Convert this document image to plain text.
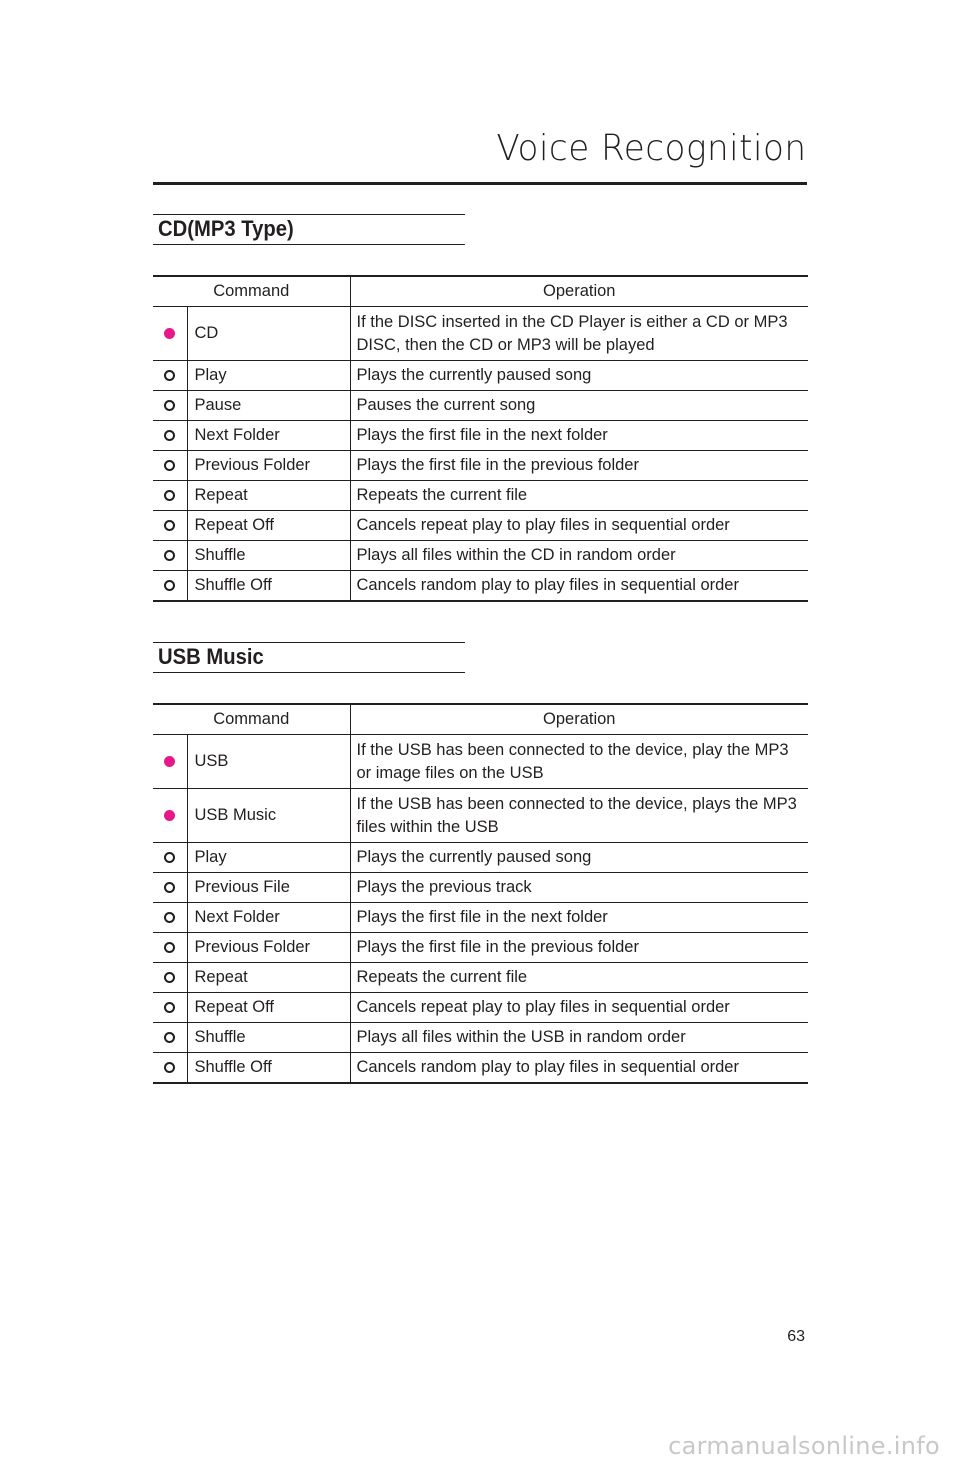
Voice Recognition
CD(MP3 Type)
Command		Operation
	CD	If the DISC inserted in the CD Player is either a CD or MP3 DISC, then the CD or MP3 will be played
	Play	Plays the currently paused song
	Pause	Pauses the current song
	Next Folder	Plays the first file in the next folder
	Previous Folder	Plays the first file in the previous folder
	Repeat	Repeats the current file
	Repeat Off	Cancels repeat play to play files in sequential order
	Shuffle	Plays all files within the CD in random order
	Shuffle Off	Cancels random play to play files in sequential order
USB Music
Command		Operation
	USB	If the USB has been connected to the device, play the MP3 or image files on the USB
	USB Music	If the USB has been connected to the device, plays the MP3 files within the USB
	Play	Plays the currently paused song
	Previous File	Plays the previous track
	Next Folder	Plays the first file in the next folder
	Previous Folder	Plays the first file in the previous folder
	Repeat	Repeats the current file
	Repeat Off	Cancels repeat play to play files in sequential order
	Shuffle	Plays all files within the USB in random order
	Shuffle Off	Cancels random play to play files in sequential order
63
carmanualsonline.info
